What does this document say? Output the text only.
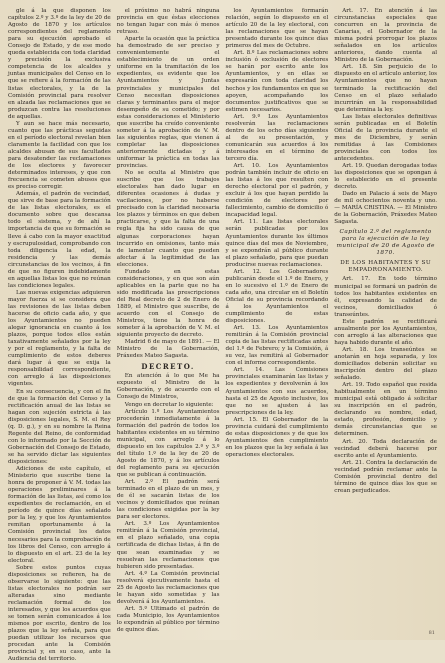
gle á la que disponen los capítulos 2.º y 3.º de la ley de 20 de Agosto de 1870 y los artículos correspondientes del reglamento para su ejecución aprobado el Consejo de Estado, y de ese modo queda establecida con toda claridad y precisión la exclusiva competencia de los alcaldes y juntas municipales del Censo en lo que se refiere á la formación de las listas electorales, y la de la Comisión provincial para resolver en alzada las reclamaciones que se produzcan contra las resoluciones de aquellas.

Y aun se hace más necesario, cuanto que las prácticas seguidas en el período electoral revelan bien claramente la facilidad con que los alcaldes abusan de sus facultades para desatender las reclamaciones de los electores y favorecer determinados intereses, y que con frecuencia se cometen abusos que es preciso corregir.

Además, el padrón de vecindad, que sirve de base para la formación de las listas electorales, es el documento sobre que descansa todo el sistema, y de ahí la importancia de que su formación se lleve á cabo con la mayor exactitud y escrupulosidad, comprobando con toda diligencia la edad, la residencia y las demás circunstancias de los vecinos, á fin de que no figuren indebidamente en aquellas listas los que no reúnan las condiciones legales.

Las nuevas exigencias adquieren mayor fuerza si se considera que las revisiones de las listas deben hacerse de oficio cada año, y que los Ayuntamientos no pueden alegar ignorancia en cuanto á los plazos, porque todos ellos están taxativamente señalados por la ley y por el reglamento, y la falta de cumplimiento de estos deberes dará lugar á que se exija la responsabilidad correspondiente, con arreglo á las disposiciones vigentes.

En su consecuencia, y con el fin de que la formación del Censo y la rectificación anual de las listas se hagan con sujeción estricta á las disposiciones legales, S. M. el Rey (q. D. g.), y en su nombre la Reina Regente del Reino, de conformidad con lo informado por la Sección de Gobernación del Consejo de Estado, se ha servido dictar las siguientes disposiciones:

Adiciones de este capítulo, el Ministerio que suscribe tiene la honra de proponer á V. M. todas las operaciones preliminares á la formación de las listas, así como los expedientes de reclamación, en el período de quince días señalado por la ley, y que los Ayuntamientos remitan oportunamente á la Comisión provincial los datos necesarios para la comprobación de los libros del Censo, con arreglo á lo dispuesto en el art. 23 de la ley electoral.

Sobre estos puntos cuyas disposiciones se refieren, ha de observarse lo siguiente: que las listas electorales no podrán ser alteradas sino mediante reclamación formal de los interesados, y que los acuerdos que se tomen serán comunicados á los mismos por escrito, dentro de los plazos que la ley señala, para que puedan utilizar los recursos que procedan ante la Comisión provincial y, en su caso, ante la Audiencia del territorio.

el próximo no habrá ninguna provincia en que éstas elecciones no tengan lugar con más ó menos retraso.

Aparte la ocasión que la práctica ha demostrado de ser preciso y convenientemente el establecimiento de un orden uniforme en la tramitación de los expedientes, es evidente que los Ayuntamientos y Juntas provinciales y municipales del Censo necesitan disposiciones claras y terminantes para el mejor desempeño de su cometido; y por estas consideraciones el Ministerio que suscribe ha creído conveniente someter á la aprobación de V. M. las siguientes reglas, que vienen á completar las disposiciones anteriormente dictadas y á uniformar la práctica en todas las provincias.

No se oculta al Ministro que suscribe que los trabajos electorales han dado lugar en diferentes ocasiones á dudas y vacilaciones, por no haberse precisado con la claridad necesaria los plazos y términos en que deben practicarse, y que la falta de una regla fija ha sido causa de que algunas corporaciones hayan incurrido en omisiones, tanto más de lamentar cuanto que pueden afectar á la legitimidad de las elecciones.

Fundado en estas consideraciones, y en que son aún aplicables en la parte que no ha sido modificada las prescripciones del Real decreto de 2 de Enero de 1889, el Ministro que suscribe, de acuerdo con el Consejo de Ministros, tiene la honra de someter á la aprobación de V. M. el siguiente proyecto de decreto.

Madrid 6 de mayo de 1891. — El Ministro de la Gobernación, Práxedes Mateo Sagasta.

DECRETO.

En atención á lo que Me ha expuesto el Ministro de la Gobernación, y de acuerdo con el Consejo de Ministros,

Vengo en decretar lo siguiente:

Artículo 1.º Los Ayuntamientos procederán inmediatamente á la formación del padrón de todos los habitantes existentes en su término municipal, con arreglo á lo dispuesto en los capítulos 2.º y 3.º del título 1.º de la ley de 20 de Agosto de 1870, y á los artículos del reglamento para su ejecución que se publican á continuación.

Art. 2.º El padrón será terminado en el plazo de un mes, y de él se sacarán listas de los vecinos y domiciliados que reúnan las condiciones exigidas por la ley para ser electores.

Art. 3.º Los Ayuntamientos remitirán á la Comisión provincial, en el plazo señalado, una copia certificada de dichas listas, á fin de que sean examinadas y se resuelvan las reclamaciones que hubieren sido presentadas.

Art. 4.º La Comisión provincial resolverá ejecutivamente hasta el 25 de Agosto las reclamaciones que le hayan sido sometidas y las devolverá á los Ayuntamientos.

Art. 5.º Ultimado el padrón de cada Municipio, los Ayuntamientos lo expondrán al público por término de quince días.

los Ayuntamientos formarán relación, según lo dispuesto en el artículo 20 de la ley electoral, con las reclamaciones que se hayan presentado durante los quince días primeros del mes de Octubre.

Art. 8.º Las reclamaciones sobre inclusión ó exclusión de electores se harán por escrito ante los Ayuntamientos, y en ellas se expresarán con toda claridad los hechos y los fundamentos en que se apoyen, acompañando los documentos justificativos que se estimen necesarios.

Art. 9.º Los Ayuntamientos resolverán las reclamaciones dentro de los ocho días siguientes al de su presentación, y comunicarán sus acuerdos á los interesados en el término de tercero día.

Art. 10. Los Ayuntamientos podrán también incluir de oficio en las listas á los que resulten con derecho electoral por el padrón, y excluir á los que hayan perdido la condición de electores por fallecimiento, cambio de domicilio ó incapacidad legal.

Art. 11. Las listas electorales serán publicadas por los Ayuntamientos durante los últimos quince días del mes de Noviembre, y se expondrán al público durante el plazo señalado, para que puedan producirse nuevas reclamaciones.

Art. 12. Los Gobernadores publicarán desde el 1.º de Enero, y en lo sucesivo el 1.º de Enero de cada año, una circular en el Boletín Oficial de su provincia recordando á los Ayuntamientos el cumplimiento de estas disposiciones.

Art. 13. Los Ayuntamientos remitirán á la Comisión provincial copia de las listas rectificadas antes del 1.º de Febrero; y la Comisión, á su vez, las remitirá al Gobernador con el informe correspondiente.

Art. 14. Las Comisiones provinciales examinarán las listas y los expedientes y devolverán á los Ayuntamientos con sus acuerdos, hasta el 25 de Agosto inclusive, los que no se ajusten á las prescripciones de la ley.

Art. 15. El Gobernador de la provincia cuidará del cumplimiento de estas disposiciones y de que los Ayuntamientos den cumplimiento en los plazos que la ley señala á las operaciones electorales.

Art. 17. En atención á las circunstancias especiales que concurren en la provincia de Canarias, el Gobernador de la misma podrá prorrogar los plazos señalados en los artículos anteriores, dando cuenta al Ministro de la Gobernación.

Art. 18. Sin perjuicio de lo dispuesto en el artículo anterior, los Ayuntamientos que no hayan terminado la rectificación del Censo en el plazo señalado incurrirán en la responsabilidad que determina la ley.

Las listas electorales definitivas serán publicadas en el Boletín Oficial de la provincia durante el mes de Diciembre, y serán remitidas á las Comisiones provinciales con todos los antecedentes.

Art. 19. Quedan derogadas todas las disposiciones que se opongan á lo establecido en el presente decreto.

Dado en Palacio á seis de Mayo de mil ochocientos noventa y uno. — MARÍA CRISTINA. — El Ministro de la Gobernación, Práxedes Mateo Sagasta.

Capítulo 2.º del reglamento para la ejecución de la ley municipal de 20 de Agosto de 1870.
DE LOS HABITANTES Y SU EMPADRONAMIENTO.

Art. 17. En todo término municipal se formará un padrón de todos los habitantes existentes en él, expresando la calidad de vecinos, domiciliados ó transeúntes.

Este padrón se rectificará anualmente por los Ayuntamientos, con arreglo á las alteraciones que haya habido durante el año.

Art. 18. Los transeúntes se anotarán en hoja separada, y los domiciliados deberán solicitar su inscripción dentro del plazo señalado.

Art. 19. Todo español que resida habitualmente en un término municipal está obligado á solicitar su inscripción en el padrón, declarando su nombre, edad, estado, profesión, domicilio y demás circunstancias que se determinen.

Art. 20. Toda declaración de vecindad deberá hacerse por escrito ante el Ayuntamiento.

Art. 21. Contra la declaración de vecindad podrán reclamar ante la Comisión provincial dentro del término de quince días los que se crean perjudicados.

81
